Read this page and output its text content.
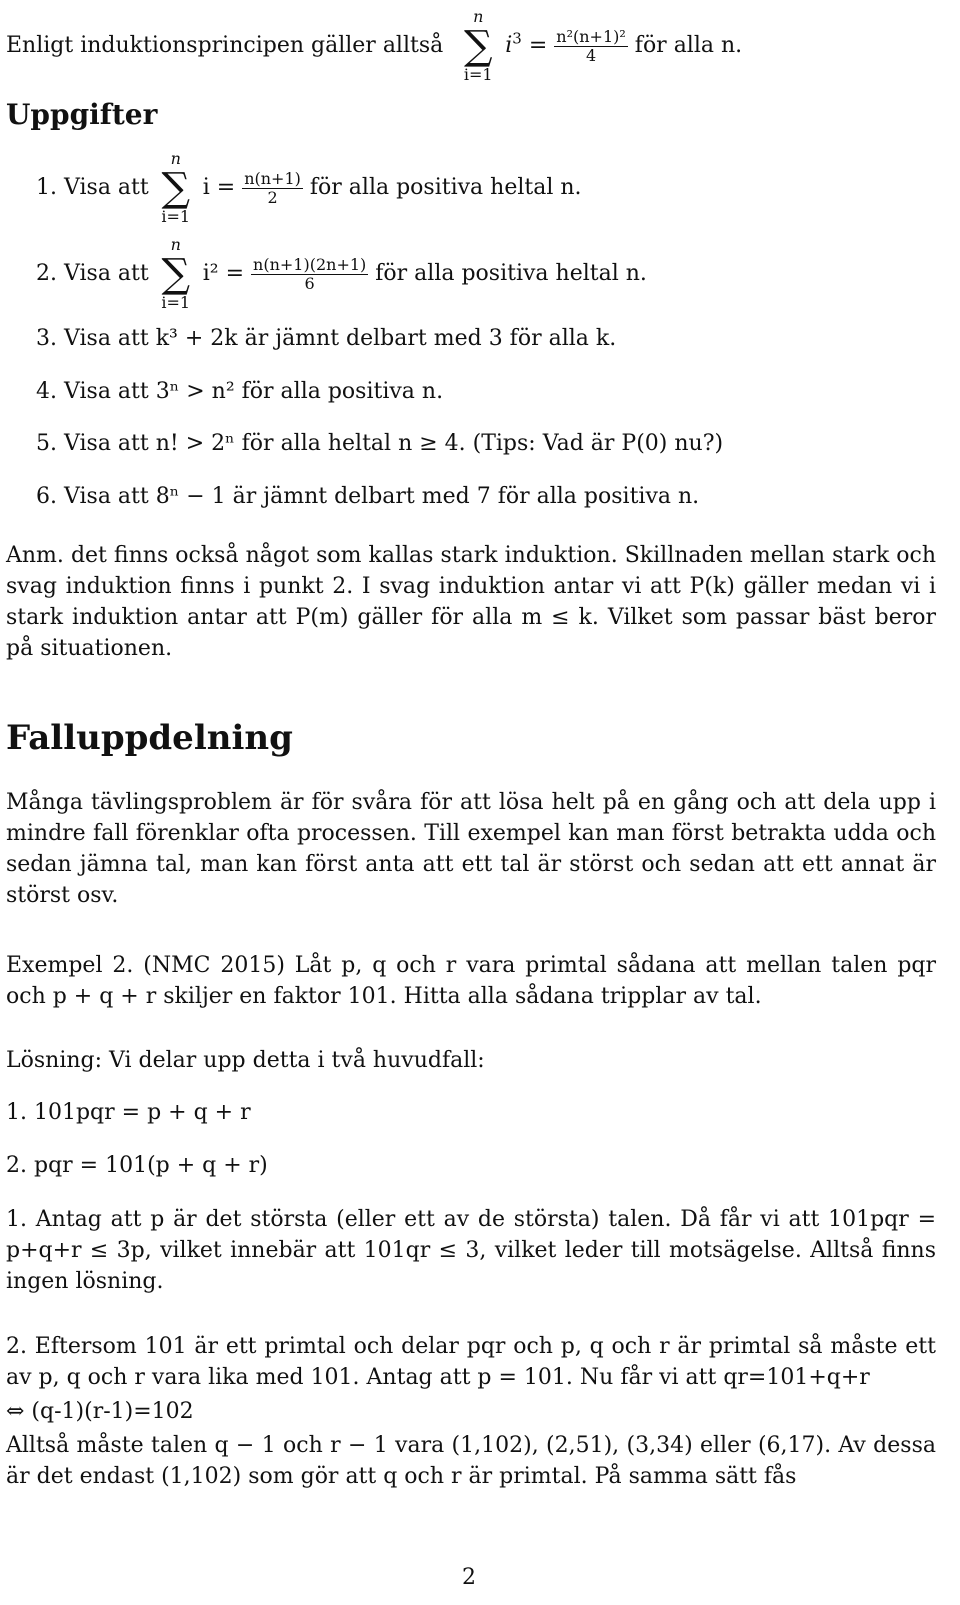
Enligt induktionsprincipen gäller alltså
n
∑
i=1
$i^3 = \frac{\text{n²(n+1)²}}{4}$ för alla n.
Uppgifter
1. Visa att
n
∑
i=1
$i = \frac{n(n+1)}{2}$ för alla positiva heltal n.
2. Visa att
n
∑
i=1
$i^2 = \frac{n(n+1)(2n+1)}{6}$ för alla positiva heltal n.
3. Visa att k³ + 2k är jämnt delbart med 3 för alla k.
4. Visa att 3ⁿ > n² för alla positiva n.
5. Visa att n! > 2ⁿ för alla heltal n ≥ 4. (Tips: Vad är P(0) nu?)
6. Visa att 8ⁿ − 1 är jämnt delbart med 7 för alla positiva n.
Anm. det finns också något som kallas stark induktion. Skillnaden mellan stark och svag induktion finns i punkt 2. I svag induktion antar vi att P(k) gäller medan vi i stark induktion antar att P(m) gäller för alla m ≤ k. Vilket som passar bäst beror på situationen.
Falluppdelning
Många tävlingsproblem är för svåra för att lösa helt på en gång och att dela upp i mindre fall förenklar ofta processen. Till exempel kan man först betrakta udda och sedan jämna tal, man kan först anta att ett tal är störst och sedan att ett annat är störst osv.
Exempel 2. (NMC 2015) Låt p, q och r vara primtal sådana att mellan talen pqr och p + q + r skiljer en faktor 101. Hitta alla sådana tripplar av tal.
Lösning: Vi delar upp detta i två huvudfall:
1. 101pqr = p + q + r
2. pqr = 101(p + q + r)
1. Antag att p är det största (eller ett av de största) talen. Då får vi att 101pqr = p+q+r ≤ 3p, vilket innebär att 101qr ≤ 3, vilket leder till motsägelse. Alltså finns ingen lösning.
2. Eftersom 101 är ett primtal och delar pqr och p, q och r är primtal så måste ett av p, q och r vara lika med 101. Antag att p = 101. Nu får vi att qr=101+q+r
⇔ (q-1)(r-1)=102
Alltså måste talen q − 1 och r − 1 vara (1,102), (2,51), (3,34) eller (6,17). Av dessa är det endast (1,102) som gör att q och r är primtal. På samma sätt fås
2
